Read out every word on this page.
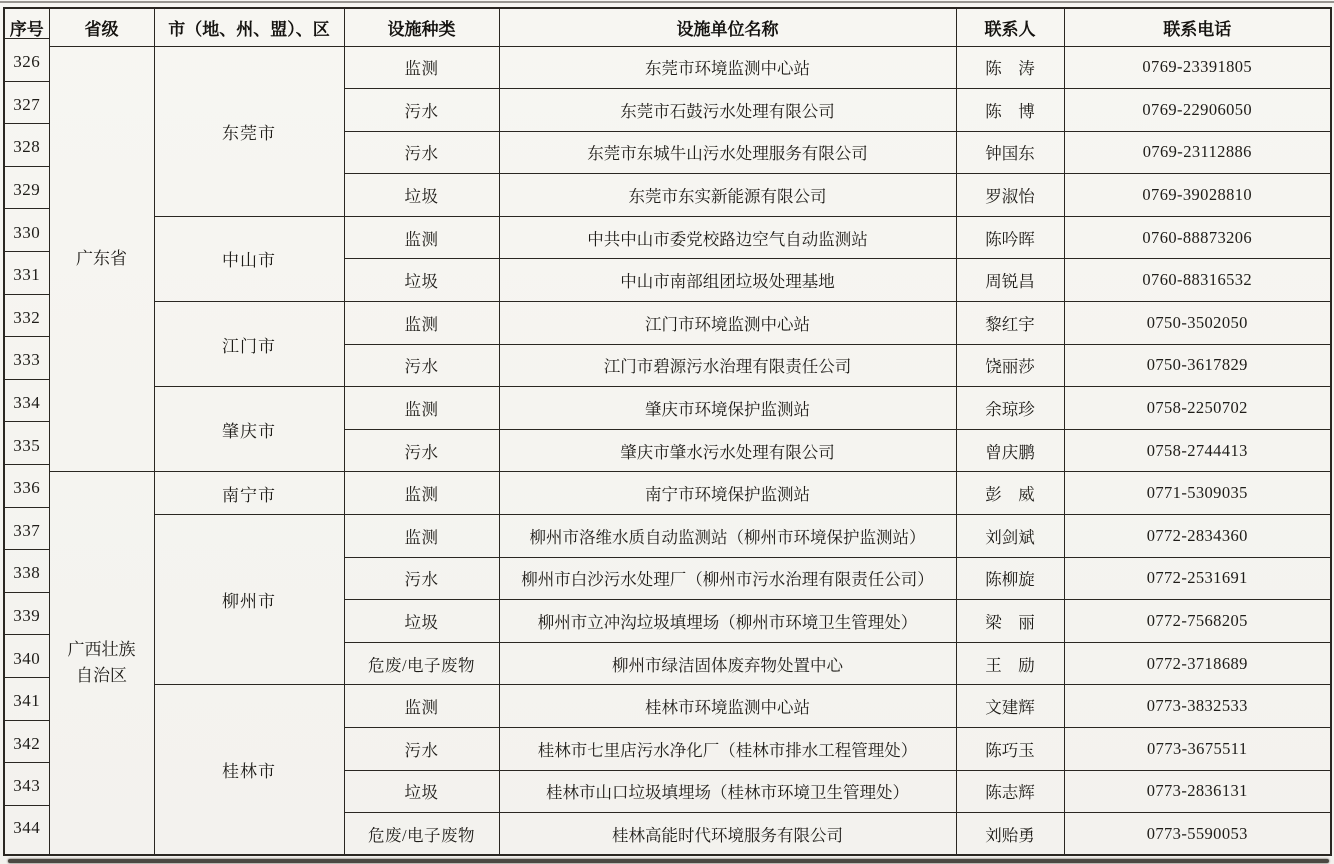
序号	省级	市（地、州、盟）、区	设施种类	设施单位名称	联系人	联系电话
326	广东省	东莞市	监测	东莞市环境监测中心站	陈　涛	0769-23391805
327			污水	东莞市石鼓污水处理有限公司	陈　博	0769-22906050
328			污水	东莞市东城牛山污水处理服务有限公司	钟国东	0769-23112886
329			垃圾	东莞市东实新能源有限公司	罗淑怡	0769-39028810
330		中山市	监测	中共中山市委党校路边空气自动监测站	陈吟晖	0760-88873206
331			垃圾	中山市南部组团垃圾处理基地	周锐昌	0760-88316532
332		江门市	监测	江门市环境监测中心站	黎红宇	0750-3502050
333			污水	江门市碧源污水治理有限责任公司	饶丽莎	0750-3617829
334		肇庆市	监测	肇庆市环境保护监测站	余琼珍	0758-2250702
335			污水	肇庆市肇水污水处理有限公司	曾庆鹏	0758-2744413
336	广西壮族自治区	南宁市	监测	南宁市环境保护监测站	彭　威	0771-5309035
337		柳州市	监测	柳州市洛维水质自动监测站（柳州市环境保护监测站）	刘剑斌	0772-2834360
338			污水	柳州市白沙污水处理厂（柳州市污水治理有限责任公司）	陈柳旋	0772-2531691
339			垃圾	柳州市立冲沟垃圾填埋场（柳州市环境卫生管理处）	梁　丽	0772-7568205
340			危废/电子废物	柳州市绿洁固体废弃物处置中心	王　励	0772-3718689
341		桂林市	监测	桂林市环境监测中心站	文建辉	0773-3832533
342			污水	桂林市七里店污水净化厂（桂林市排水工程管理处）	陈巧玉	0773-3675511
343			垃圾	桂林市山口垃圾填埋场（桂林市环境卫生管理处）	陈志辉	0773-2836131
344			危废/电子废物	桂林高能时代环境服务有限公司	刘贻勇	0773-5590053
